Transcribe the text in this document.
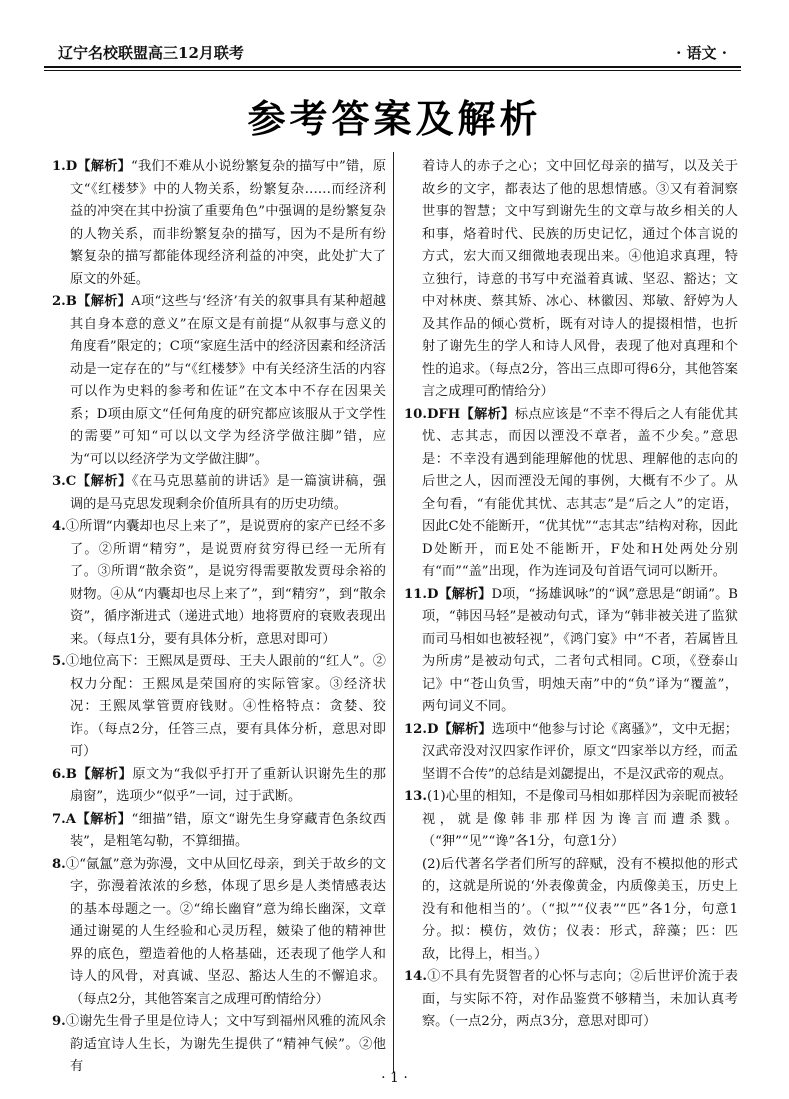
辽宁名校联盟高三12月联考	· 语文 ·
参考答案及解析

1.D【解析】“我们不难从小说纷繁复杂的描写中”错，原文“《红楼梦》中的人物关系，纷繁复杂……而经济利益的冲突在其中扮演了重要角色”中强调的是纷繁复杂的人物关系，而非纷繁复杂的描写，因为不是所有纷繁复杂的描写都能体现经济利益的冲突，此处扩大了原文的外延。

2.B【解析】A项“这些与‘经济’有关的叙事具有某种超越其自身本意的意义”在原文是有前提“从叙事与意义的角度看”限定的；C项“家庭生活中的经济因素和经济活动是一定存在的”与“《红楼梦》中有关经济生活的内容可以作为史料的参考和佐证”在文本中不存在因果关系；D项由原文“任何角度的研究都应该服从于文学性的需要”可知“可以以文学为经济学做注脚”错，应为“可以以经济学为文学做注脚”。

3.C【解析】《在马克思墓前的讲话》是一篇演讲稿，强调的是马克思发现剩余价值所具有的历史功绩。

4.①所谓“内囊却也尽上来了”，是说贾府的家产已经不多了。②所谓“精穷”，是说贾府贫穷得已经一无所有了。③所谓“散余资”，是说穷得需要散发贾母余裕的财物。④从“内囊却也尽上来了”，到“精穷”，到“散余资”，循序渐进式（递进式地）地将贾府的衰败表现出来。（每点1分，要有具体分析，意思对即可）

5.①地位高下：王熙凤是贾母、王夫人跟前的“红人”。②权力分配：王熙凤是荣国府的实际管家。③经济状况：王熙凤掌管贾府钱财。④性格特点：贪婪、狡诈。（每点2分，任答三点，要有具体分析，意思对即可）

6.B【解析】原文为“我似乎打开了重新认识谢先生的那扇窗”，选项少“似乎”一词，过于武断。

7.A【解析】“细描”错，原文“谢先生身穿藏青色条纹西装”，是粗笔勾勒，不算细描。

8.①“氤氲”意为弥漫，文中从回忆母亲，到关于故乡的文字，弥漫着浓浓的乡愁，体现了思乡是人类情感表达的基本母题之一。②“绵长幽窅”意为绵长幽深，文章通过谢冕的人生经验和心灵历程，皴染了他的精神世界的底色，塑造着他的人格基础，还表现了他学人和诗人的风骨，对真诚、坚忍、豁达人生的不懈追求。（每点2分，其他答案言之成理可酌情给分）

9.①谢先生骨子里是位诗人；文中写到福州风雅的流风余韵适宜诗人生长，为谢先生提供了“精神气候”。②他有

着诗人的赤子之心；文中回忆母亲的描写，以及关于故乡的文字，都表达了他的思想情感。③又有着洞察世事的智慧；文中写到谢先生的文章与故乡相关的人和事，烙着时代、民族的历史记忆，通过个体言说的方式，宏大而又细微地表现出来。④他追求真理，特立独行，诗意的书写中充溢着真诚、坚忍、豁达；文中对林庚、蔡其矫、冰心、林徽因、郑敏、舒婷为人及其作品的倾心赏析，既有对诗人的提掇相惜，也折射了谢先生的学人和诗人风骨，表现了他对真理和个性的追求。（每点2分，答出三点即可得6分，其他答案言之成理可酌情给分）

10.DFH【解析】标点应该是“不幸不得后之人有能优其忧、志其志，而因以湮没不章者，盖不少矣。”意思是：不幸没有遇到能理解他的忧思、理解他的志向的后世之人，因而湮没无闻的事例，大概有不少了。从全句看，“有能优其忧、志其志”是“后之人”的定语，因此C处不能断开，“优其忧”“志其志”结构对称，因此D处断开，而E处不能断开，F处和H处两处分别有“而”“盖”出现，作为连词及句首语气词可以断开。

11.D【解析】D项，“扬雄讽咏”的“讽”意思是“朗诵”。B项，“韩因马轻”是被动句式，译为“韩非被关进了监狱而司马相如也被轻视”，《鸿门宴》中“不者，若属皆且为所虏”是被动句式，二者句式相同。C项，《登泰山记》中“苍山负雪，明烛天南”中的“负”译为“覆盖”，两句词义不同。

12.D【解析】选项中“他参与讨论《离骚》”，文中无据；汉武帝没对汉四家作评价，原文“四家举以方经，而孟坚谓不合传”的总结是刘勰提出，不是汉武帝的观点。

13.(1)心里的相知，不是像司马相如那样因为亲昵而被轻视，就是像韩非那样因为谗言而遭杀戮。（“狎”“见”“谗”各1分，句意1分）

(2)后代著名学者们所写的辞赋，没有不模拟他的形式的，这就是所说的‘外表像黄金，内质像美玉，历史上没有和他相当的’。（“拟”“仪表”“匹”各1分，句意1分。拟：模仿，效仿；仪表：形式，辞藻；匹：匹敌，比得上，相当。）

14.①不具有先贤智者的心怀与志向；②后世评价流于表面，与实际不符，对作品鉴赏不够精当，未加认真考察。（一点2分，两点3分，意思对即可）

· 1 ·
